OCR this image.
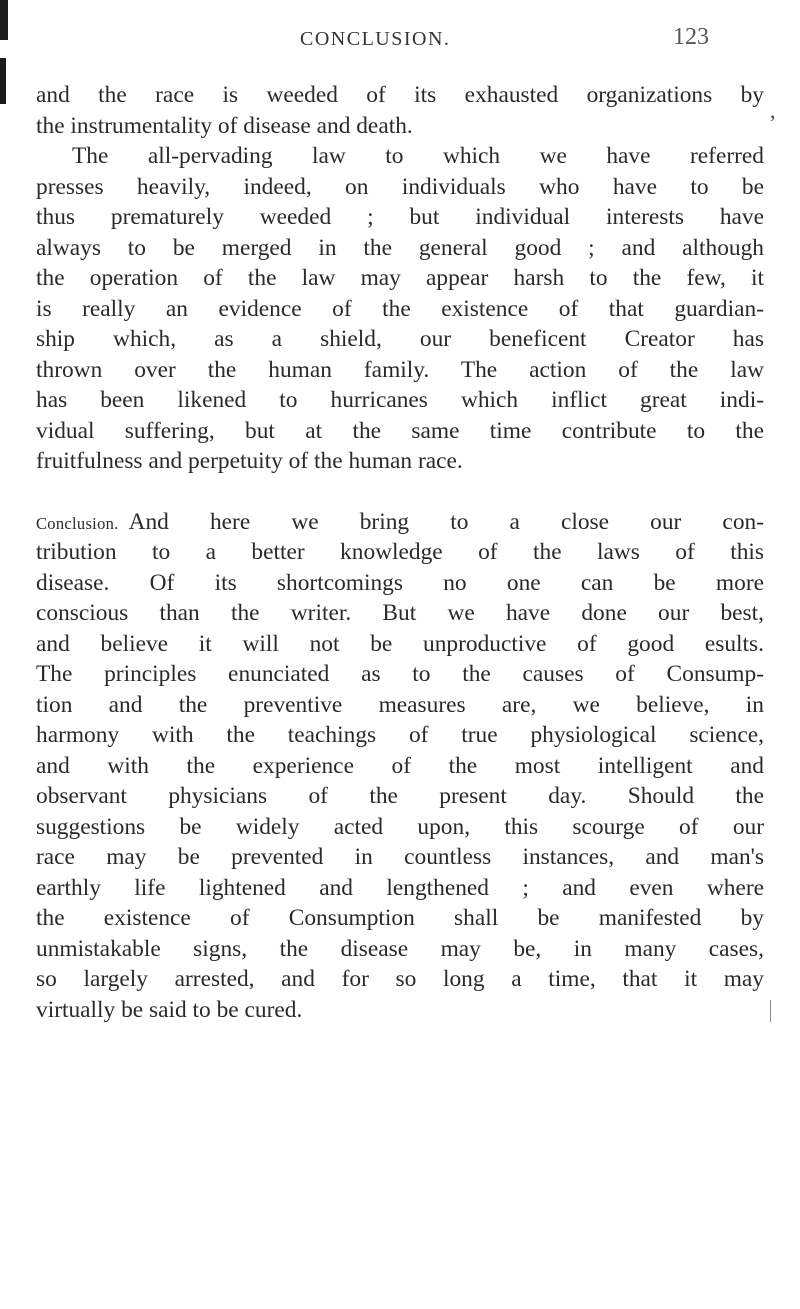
CONCLUSION.	123
,
and the race is weeded of its exhausted organizations by
the instrumentality of disease and death.
The all-pervading law to which we have referred
presses heavily, indeed, on individuals who have to be
thus prematurely weeded ; but individual interests have
always to be merged in the general good ; and although
the operation of the law may appear harsh to the few, it
is really an evidence of the existence of that guardian-
ship which, as a shield, our beneficent Creator has
thrown over the human family. The action of the law
has been likened to hurricanes which inflict great indi-
vidual suffering, but at the same time contribute to the
fruitfulness and perpetuity of the human race.
Conclusion. And here we bring to a close our con-
tribution to a better knowledge of the laws of this
disease. Of its shortcomings no one can be more
conscious than the writer. But we have done our best,
and believe it will not be unproductive of good esults.
The principles enunciated as to the causes of Consump-
tion and the preventive measures are, we believe, in
harmony with the teachings of true physiological science,
and with the experience of the most intelligent and
observant physicians of the present day. Should the
suggestions be widely acted upon, this scourge of our
race may be prevented in countless instances, and man's
earthly life lightened and lengthened ; and even where
the existence of Consumption shall be manifested by
unmistakable signs, the disease may be, in many cases,
so largely arrested, and for so long a time, that it may
virtually be said to be cured.
